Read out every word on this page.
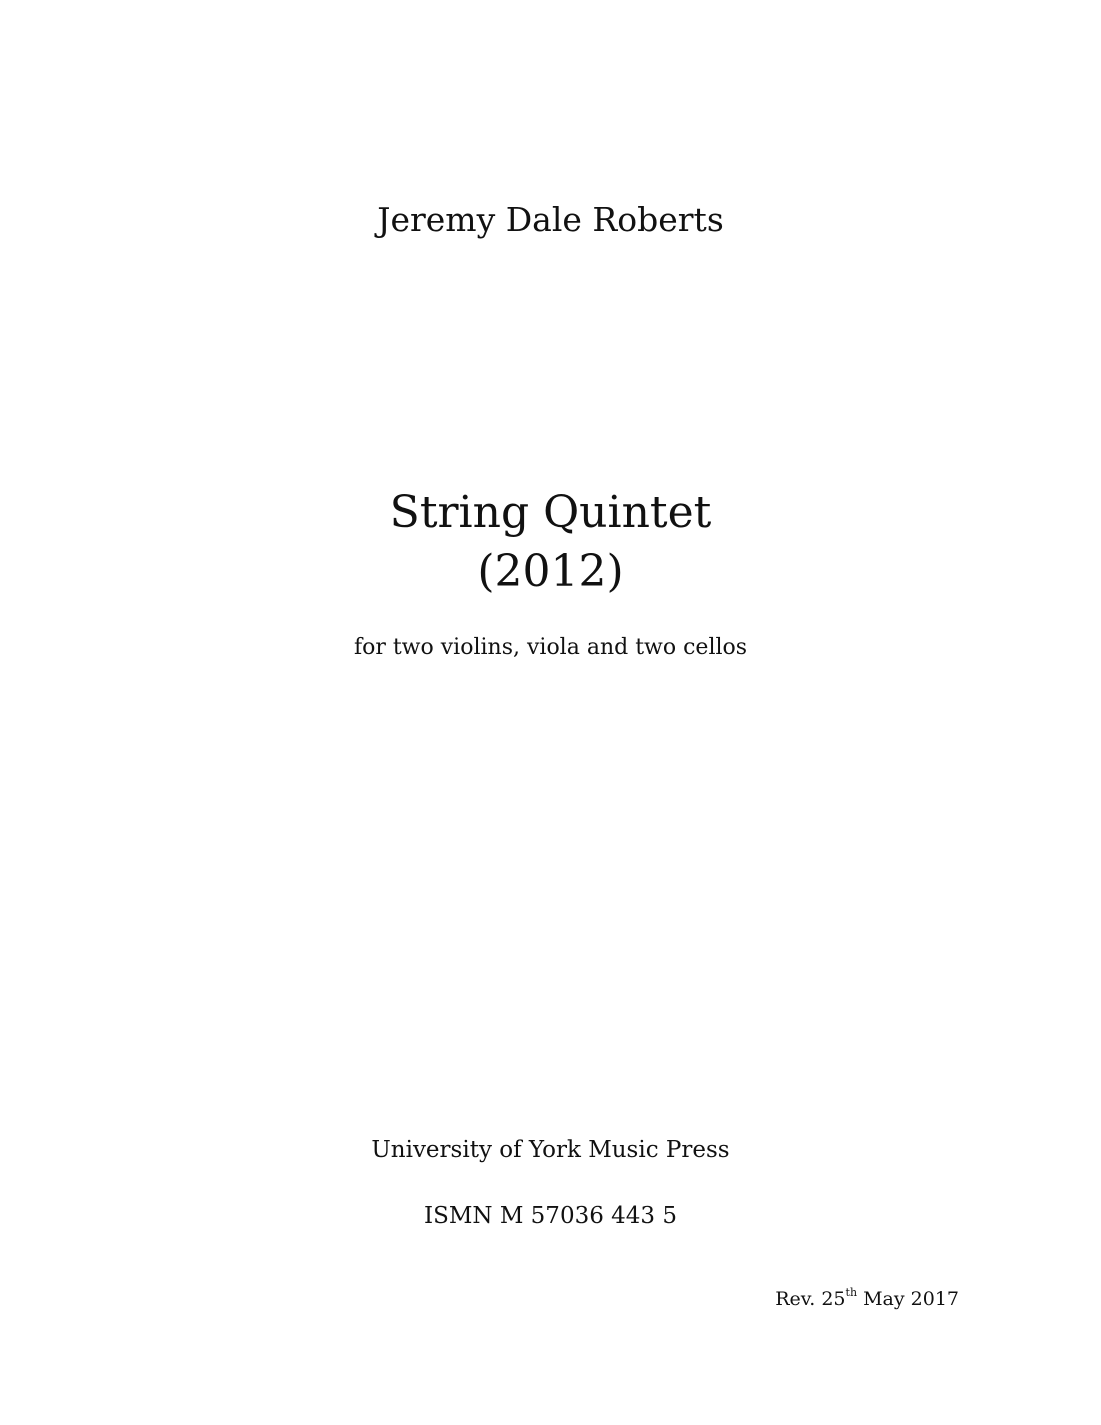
Jeremy Dale Roberts
String Quintet
(2012)
for two violins, viola and two cellos
University of York Music Press
ISMN M 57036 443 5
Rev. 25th May 2017
